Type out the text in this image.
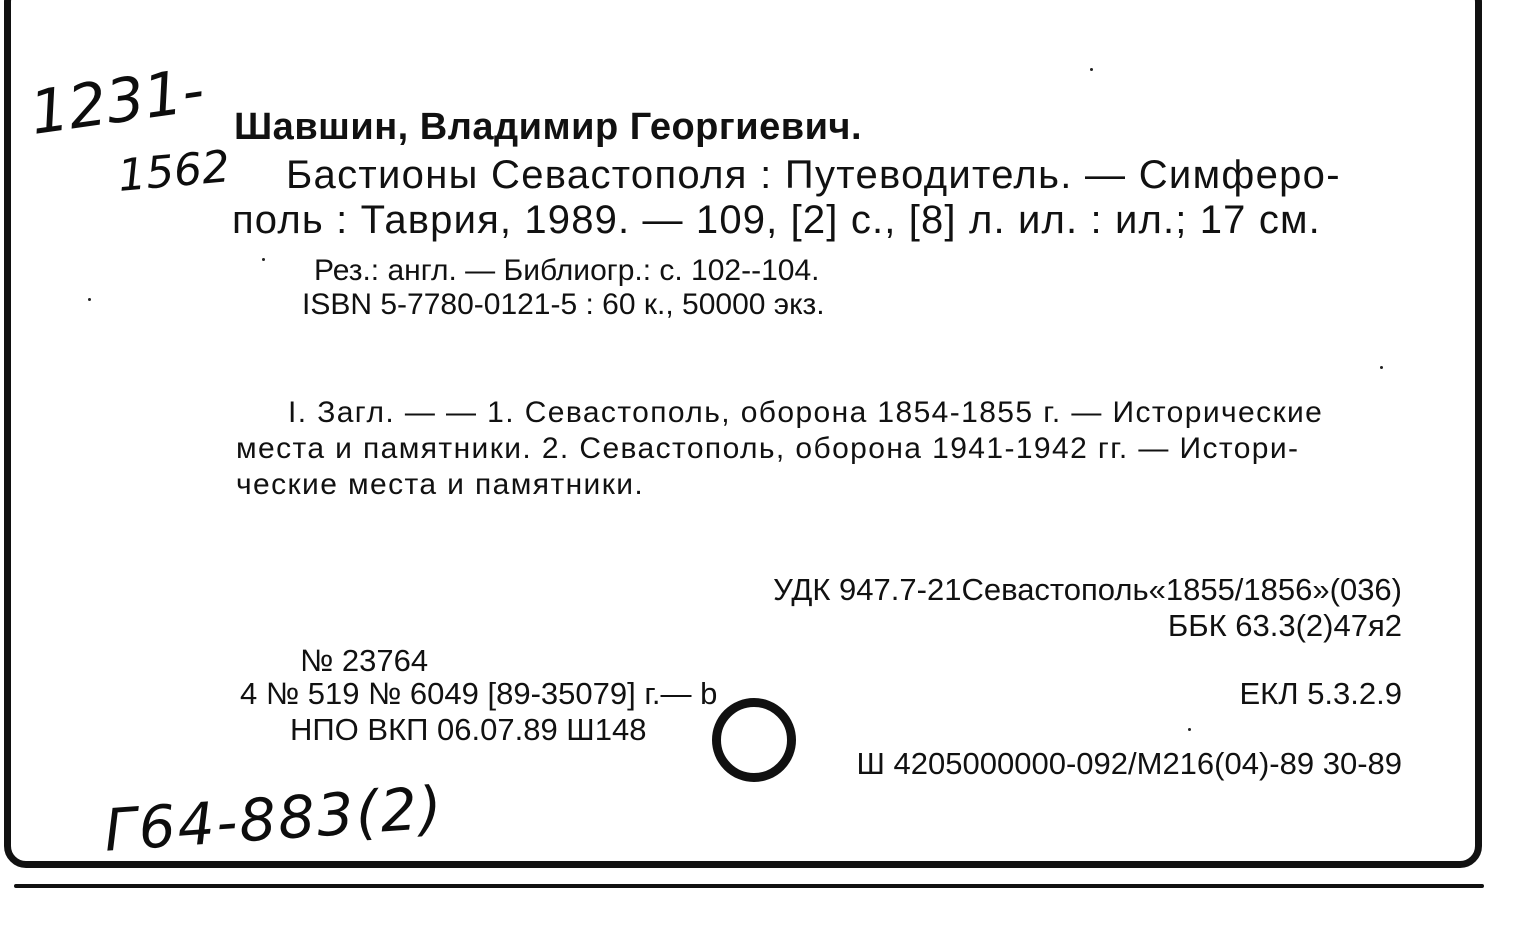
1231-
1562
Г64-883(2)
Шавшин, Владимир Георгиевич.
Бастионы Севастополя : Путеводитель. — Симферо-
поль : Таврия, 1989. — 109, [2] с., [8] л. ил. : ил.; 17 см.
Рез.: англ. — Библиогр.: с. 102--104.
ISBN 5-7780-0121-5 : 60 к., 50000 экз.
I. Загл. — — 1. Севастополь, оборона 1854-1855 г. — Исторические
места и памятники. 2. Севастополь, оборона 1941-1942 гг. — Истори-
ческие места и памятники.
УДК 947.7-21Севастополь«1855/1856»(036)
ББК 63.3(2)47я2
ЕКЛ 5.3.2.9
Ш 4205000000-092/М216(04)-89 30-89
№ 23764
4 № 519 № 6049 [89-35079] г.— b
НПО ВКП 06.07.89 Ш148
